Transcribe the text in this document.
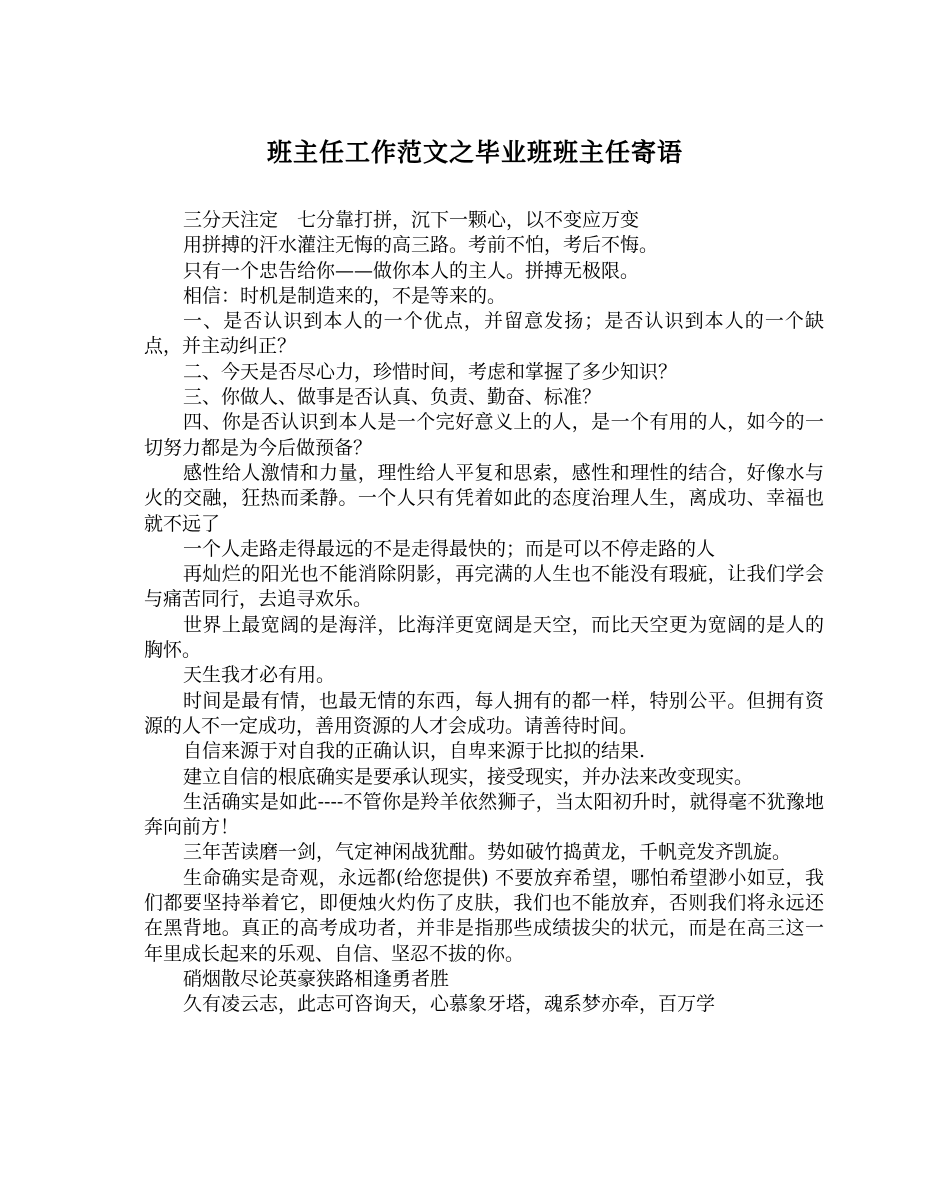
班主任工作范文之毕业班班主任寄语

三分天注定　七分靠打拼，沉下一颗心，以不变应万变

用拼搏的汗水灌注无悔的高三路。考前不怕，考后不悔。

只有一个忠告给你——做你本人的主人。拼搏无极限。

相信：时机是制造来的，不是等来的。

一、是否认识到本人的一个优点，并留意发扬；是否认识到本人的一个缺点，并主动纠正？

二、今天是否尽心力，珍惜时间，考虑和掌握了多少知识？

三、你做人、做事是否认真、负责、勤奋、标准？

四、你是否认识到本人是一个完好意义上的人，是一个有用的人，如今的一切努力都是为今后做预备？

感性给人激情和力量，理性给人平复和思索，感性和理性的结合，好像水与火的交融，狂热而柔静。一个人只有凭着如此的态度治理人生，离成功、幸福也就不远了

一个人走路走得最远的不是走得最快的；而是可以不停走路的人

再灿烂的阳光也不能消除阴影，再完满的人生也不能没有瑕疵，让我们学会与痛苦同行，去追寻欢乐。

世界上最宽阔的是海洋，比海洋更宽阔是天空，而比天空更为宽阔的是人的胸怀。

天生我才必有用。

时间是最有情，也最无情的东西，每人拥有的都一样，特别公平。但拥有资源的人不一定成功，善用资源的人才会成功。请善待时间。

自信来源于对自我的正确认识，自卑来源于比拟的结果.

建立自信的根底确实是要承认现实，接受现实，并办法来改变现实。

生活确实是如此----不管你是羚羊依然狮子，当太阳初升时，就得毫不犹豫地奔向前方！

三年苦读磨一剑，气定神闲战犹酣。势如破竹捣黄龙，千帆竞发齐凯旋。

生命确实是奇观，永远都(给您提供) 不要放弃希望，哪怕希望渺小如豆，我们都要坚持举着它，即便烛火灼伤了皮肤，我们也不能放弃，否则我们将永远还在黑背地。真正的高考成功者，并非是指那些成绩拔尖的状元，而是在高三这一年里成长起来的乐观、自信、坚忍不拔的你。

硝烟散尽论英豪狭路相逢勇者胜

久有凌云志，此志可咨询天，心慕象牙塔，魂系梦亦牵，百万学
